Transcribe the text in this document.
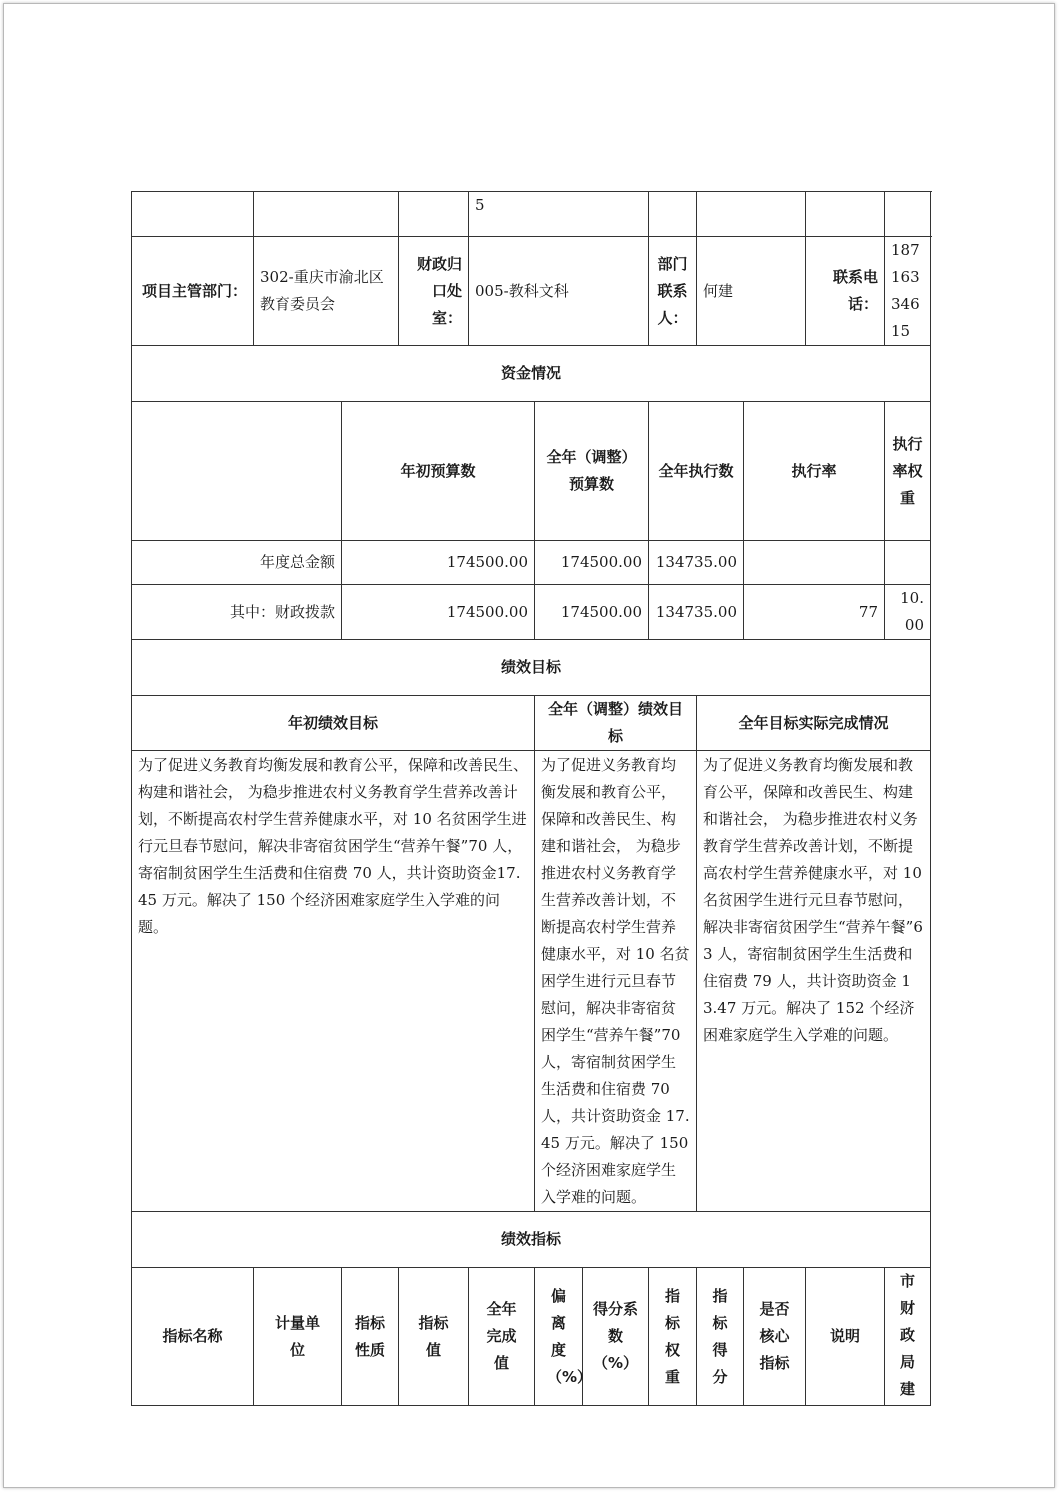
				5								
项目主管部门：	302-重庆市渝北区教育委员会		财政归口处室：	005-教科文科			部门联系人：	何建		联系电话：	18716334615	
资金情况												
		年初预算数			全年（调整）预算数		全年执行数		执行率		执行率权重	
年度总金额		174500.00			174500.00		134735.00					
其中：财政拨款		174500.00			174500.00		134735.00		77		10.00	
绩效目标												
年初绩效目标					全年（调整）绩效目标			全年目标实际完成情况				
为了促进义务教育均衡发展和教育公平，保障和改善民生、构建和谐社会， 为稳步推进农村义务教育学生营养改善计划，不断提高农村学生营养健康水平，对 10 名贫困学生进行元旦春节慰问，解决非寄宿贫困学生“营养午餐”70 人，寄宿制贫困学生生活费和住宿费 70 人，共计资助资金17.45 万元。解决了 150 个经济困难家庭学生入学难的问题。					为了促进义务教育均衡发展和教育公平，保障和改善民生、构建和谐社会， 为稳步推进农村义务教育学生营养改善计划，不断提高农村学生营养健康水平，对 10 名贫困学生进行元旦春节慰问，解决非寄宿贫困学生“营养午餐”70 人，寄宿制贫困学生生活费和住宿费 70 人，共计资助资金 17.45 万元。解决了 150 个经济困难家庭学生入学难的问题。			为了促进义务教育均衡发展和教育公平，保障和改善民生、构建和谐社会， 为稳步推进农村义务教育学生营养改善计划，不断提高农村学生营养健康水平，对 10 名贫困学生进行元旦春节慰问，解决非寄宿贫困学生“营养午餐”63 人，寄宿制贫困学生生活费和住宿费 79 人，共计资助资金 13.47 万元。解决了 152 个经济困难家庭学生入学难的问题。				
绩效指标												
指标名称	计量单位	指标性质	指标值	全年完成值	偏离度（%）	得分系数（%）	指标权重	指标得分	是否核心指标	说明	市财政局建	
